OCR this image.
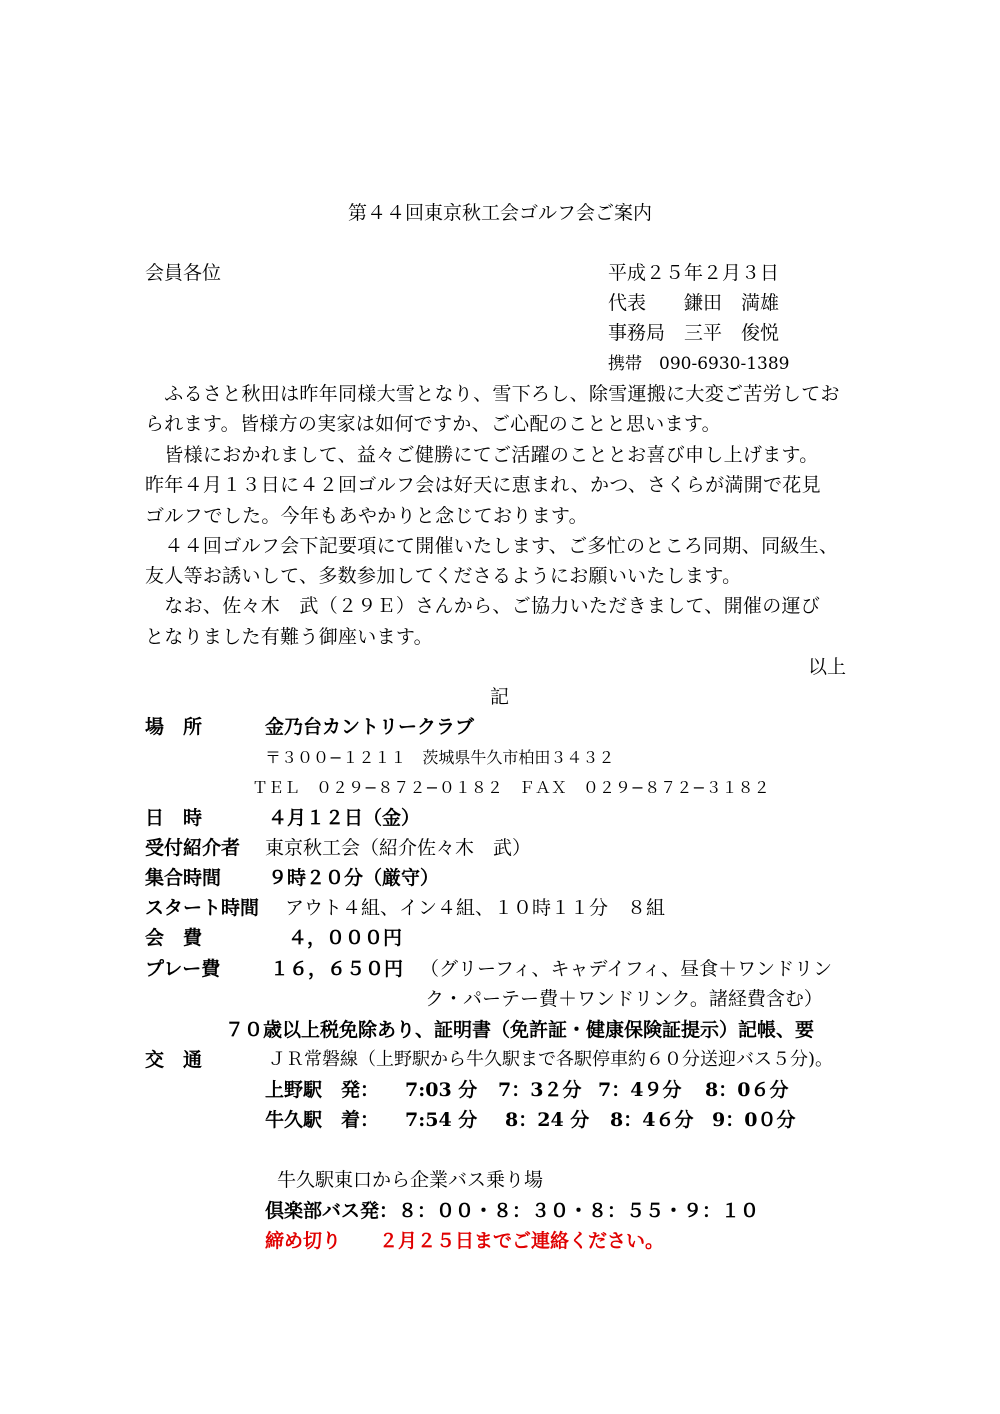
第４４回東京秋工会ゴルフ会ご案内
会員各位	平成２５年２月３日
代表　　鎌田　満雄
事務局　三平　俊悦
携帯　090-6930-1389
　ふるさと秋田は昨年同様大雪となり、雪下ろし、除雪運搬に大変ご苦労してお
られます。皆様方の実家は如何ですか、ご心配のことと思います。
　皆様におかれまして、益々ご健勝にてご活躍のこととお喜び申し上げます。
昨年４月１３日に４２回ゴルフ会は好天に恵まれ、かつ、さくらが満開で花見
ゴルフでした。今年もあやかりと念じております。
　４４回ゴルフ会下記要項にて開催いたします、ご多忙のところ同期、同級生、
友人等お誘いして、多数参加してくださるようにお願いいたします。
　なお、佐々木　武（２９Ｅ）さんから、ご協力いただきまして、開催の運び
となりました有難う御座います。
以上
記
場　所	金乃台カントリークラブ
〒３００−１２１１　茨城県牛久市柏田３４３２
ＴＥＬ　０２９−８７２−０１８２　ＦＡＸ　０２９−８７２−３１８２
日　時	４月１２日（金）
受付紹介者 東京秋工会（紹介佐々木　武）
集合時間 ９時２０分（厳守）
スタート時間 アウト４組、イン４組、１０時１１分　８組
会　費	４，０００円
プレー費	１６，６５０円 （グリーフィ、キャデイフィ、昼食＋ワンドリン
ク・パーテー費＋ワンドリンク。諸経費含む）
７０歳以上税免除あり、証明書（免許証・健康保険証提示）記帳、要
交　通	ＪＲ常磐線（上野駅から牛久駅まで各駅停車約６０分送迎バス５分)。
上野駅　発： 7:03 分 7：3２分 7：4９分 8：0６分
牛久駅　着： 7:54 分 8：24 分 8：4６分 9：0０分
牛久駅東口から企業バス乗り場
倶楽部バス発：８：００・８：３０・８：５５・９：１０
締め切り　　２月２５日までご連絡ください。
